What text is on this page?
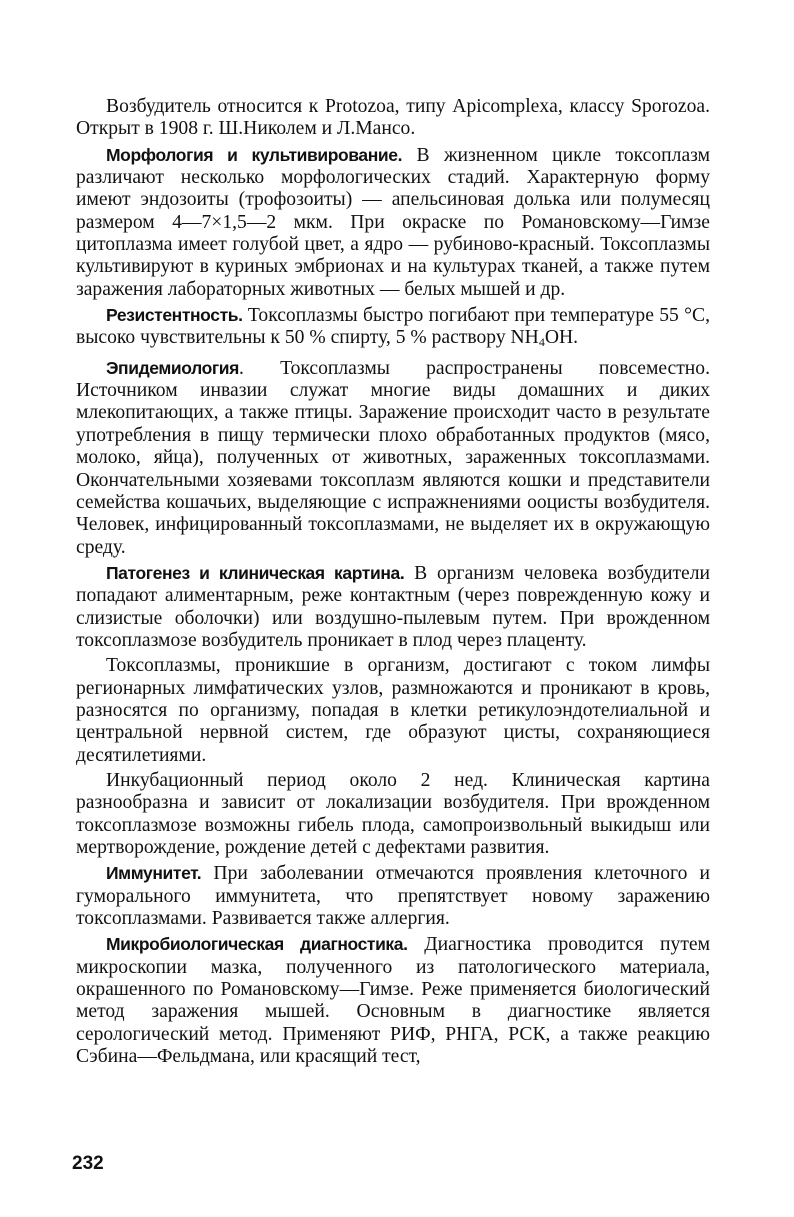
Возбудитель относится к Protozoa, типу Apicomplexa, классу Sporozoa. Открыт в 1908 г. Ш.Николем и Л.Мансо.

Морфология и культивирование. В жизненном цикле токсоплазм различают несколько морфологических стадий. Характерную форму имеют эндозоиты (трофозоиты) — апельсиновая долька или полумесяц размером 4—7×1,5—2 мкм. При окраске по Романовскому—Гимзе цитоплазма имеет голубой цвет, а ядро — рубиново-красный. Токсоплазмы культивируют в куриных эмбрионах и на культурах тканей, а также путем заражения лабораторных животных — белых мышей и др.

Резистентность. Токсоплазмы быстро погибают при температуре 55 °С, высоко чувствительны к 50 % спирту, 5 % раствору $NH_4OH$.

Эпидемиология. Токсоплазмы распространены повсеместно. Источником инвазии служат многие виды домашних и диких млекопитающих, а также птицы. Заражение происходит часто в результате употребления в пищу термически плохо обработанных продуктов (мясо, молоко, яйца), полученных от животных, зараженных токсоплазмами. Окончательными хозяевами токсоплазм являются кошки и представители семейства кошачьих, выделяющие с испражнениями ооцисты возбудителя. Человек, инфицированный токсоплазмами, не выделяет их в окружающую среду.

Патогенез и клиническая картина. В организм человека возбудители попадают алиментарным, реже контактным (через поврежденную кожу и слизистые оболочки) или воздушно-пылевым путем. При врожденном токсоплазмозе возбудитель проникает в плод через плаценту.

Токсоплазмы, проникшие в организм, достигают с током лимфы регионарных лимфатических узлов, размножаются и проникают в кровь, разносятся по организму, попадая в клетки ретикулоэндотелиальной и центральной нервной систем, где образуют цисты, сохраняющиеся десятилетиями.

Инкубационный период около 2 нед. Клиническая картина разнообразна и зависит от локализации возбудителя. При врожденном токсоплазмозе возможны гибель плода, самопроизвольный выкидыш или мертворождение, рождение детей с дефектами развития.

Иммунитет. При заболевании отмечаются проявления клеточного и гуморального иммунитета, что препятствует новому заражению токсоплазмами. Развивается также аллергия.

Микробиологическая диагностика. Диагностика проводится путем микроскопии мазка, полученного из патологического материала, окрашенного по Романовскому—Гимзе. Реже применяется биологический метод заражения мышей. Основным в диагностике является серологический метод. Применяют РИФ, РНГА, РСК, а также реакцию Сэбина—Фельдмана, или красящий тест,

232
